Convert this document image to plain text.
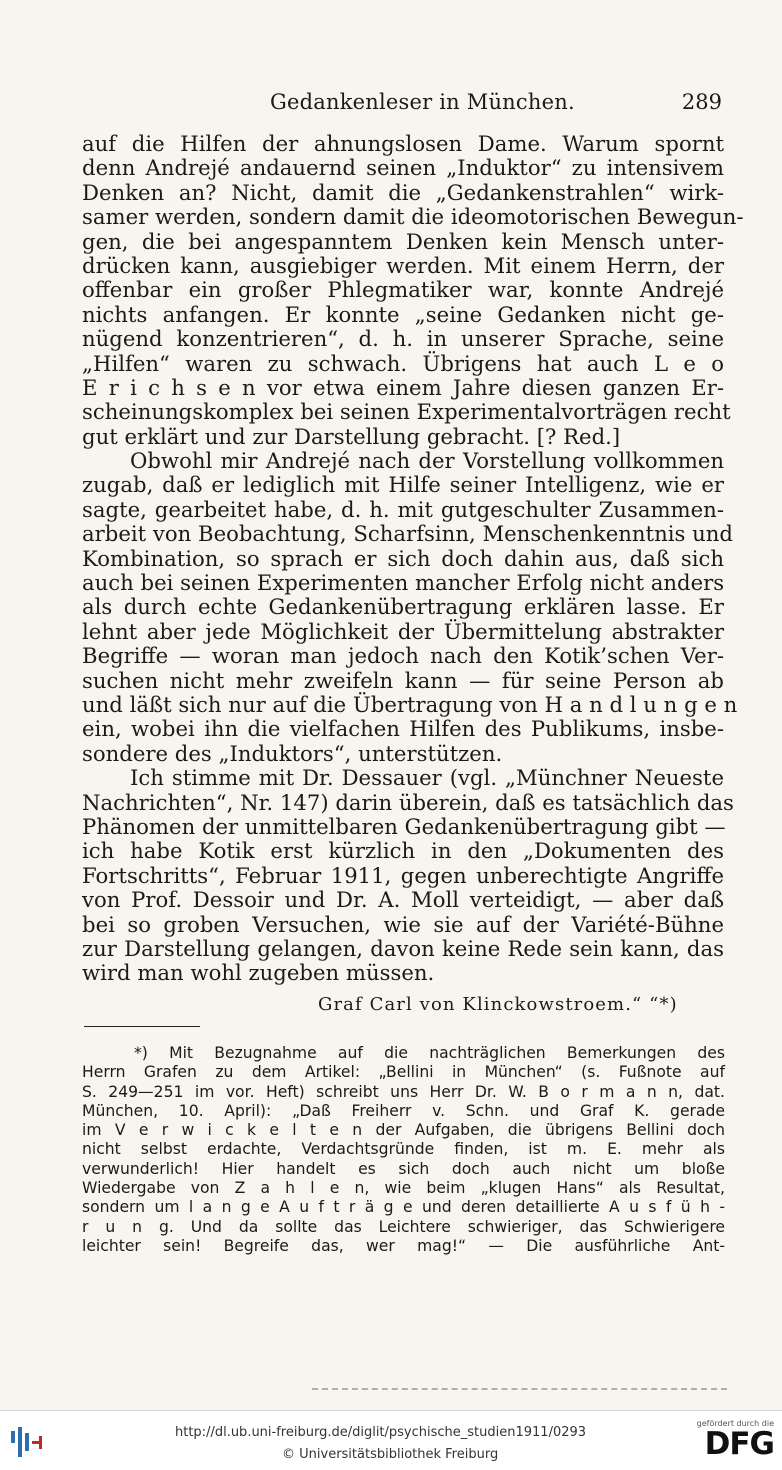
Gedankenleser in München.	289
auf die Hilfen der ahnungslosen Dame. Warum spornt
denn Andrejé andauernd seinen „Induktor“ zu intensivem
Denken an? Nicht, damit die „Gedankenstrahlen“ wirk-
samer werden, sondern damit die ideomotorischen Bewegun-
gen, die bei angespanntem Denken kein Mensch unter-
drücken kann, ausgiebiger werden. Mit einem Herrn, der
offenbar ein großer Phlegmatiker war, konnte Andrejé
nichts anfangen. Er konnte „seine Gedanken nicht ge-
nügend konzentrieren“, d. h. in unserer Sprache, seine
„Hilfen“ waren zu schwach. Übrigens hat auch L e o
E r i c h s e n vor etwa einem Jahre diesen ganzen Er-
scheinungskomplex bei seinen Experimentalvorträgen recht
gut erklärt und zur Darstellung gebracht. [? Red.]
Obwohl mir Andrejé nach der Vorstellung vollkommen
zugab, daß er lediglich mit Hilfe seiner Intelligenz, wie er
sagte, gearbeitet habe, d. h. mit gutgeschulter Zusammen-
arbeit von Beobachtung, Scharfsinn, Menschenkenntnis und
Kombination, so sprach er sich doch dahin aus, daß sich
auch bei seinen Experimenten mancher Erfolg nicht anders
als durch echte Gedankenübertragung erklären lasse. Er
lehnt aber jede Möglichkeit der Übermittelung abstrakter
Begriffe — woran man jedoch nach den Kotik’schen Ver-
suchen nicht mehr zweifeln kann — für seine Person ab
und läßt sich nur auf die Übertragung von H a n d l u n g e n
ein, wobei ihn die vielfachen Hilfen des Publikums, insbe-
sondere des „Induktors“, unterstützen.
Ich stimme mit Dr. Dessauer (vgl. „Münchner Neueste
Nachrichten“, Nr. 147) darin überein, daß es tatsächlich das
Phänomen der unmittelbaren Gedankenübertragung gibt —
ich habe Kotik erst kürzlich in den „Dokumenten des
Fortschritts“, Februar 1911, gegen unberechtigte Angriffe
von Prof. Dessoir und Dr. A. Moll verteidigt, — aber daß
bei so groben Versuchen, wie sie auf der Variété-Bühne
zur Darstellung gelangen, davon keine Rede sein kann, das
wird man wohl zugeben müssen.
Graf Carl von Klinckowstroem.“ “*)
*) Mit Bezugnahme auf die nachträglichen Bemerkungen des
Herrn Grafen zu dem Artikel: „Bellini in München“ (s. Fußnote auf
S. 249—251 im vor. Heft) schreibt uns Herr Dr. W. B o r m a n n, dat.
München, 10. April): „Daß Freiherr v. Schn. und Graf K. gerade
im V e r w i c k e l t e n der Aufgaben, die übrigens Bellini doch
nicht selbst erdachte, Verdachtsgründe finden, ist m. E. mehr als
verwunderlich! Hier handelt es sich doch auch nicht um bloße
Wiedergabe von Z a h l e n, wie beim „klugen Hans“ als Resultat,
sondern um l a n g e A u f t r ä g e und deren detaillierte A u s f ü h -
r u n g. Und da sollte das Leichtere schwieriger, das Schwierigere
leichter sein! Begreife das, wer mag!“ — Die ausführliche Ant-
http://dl.ub.uni-freiburg.de/diglit/psychische_studien1911/0293
© Universitätsbibliothek Freiburg
gefördert durch die
DFG
